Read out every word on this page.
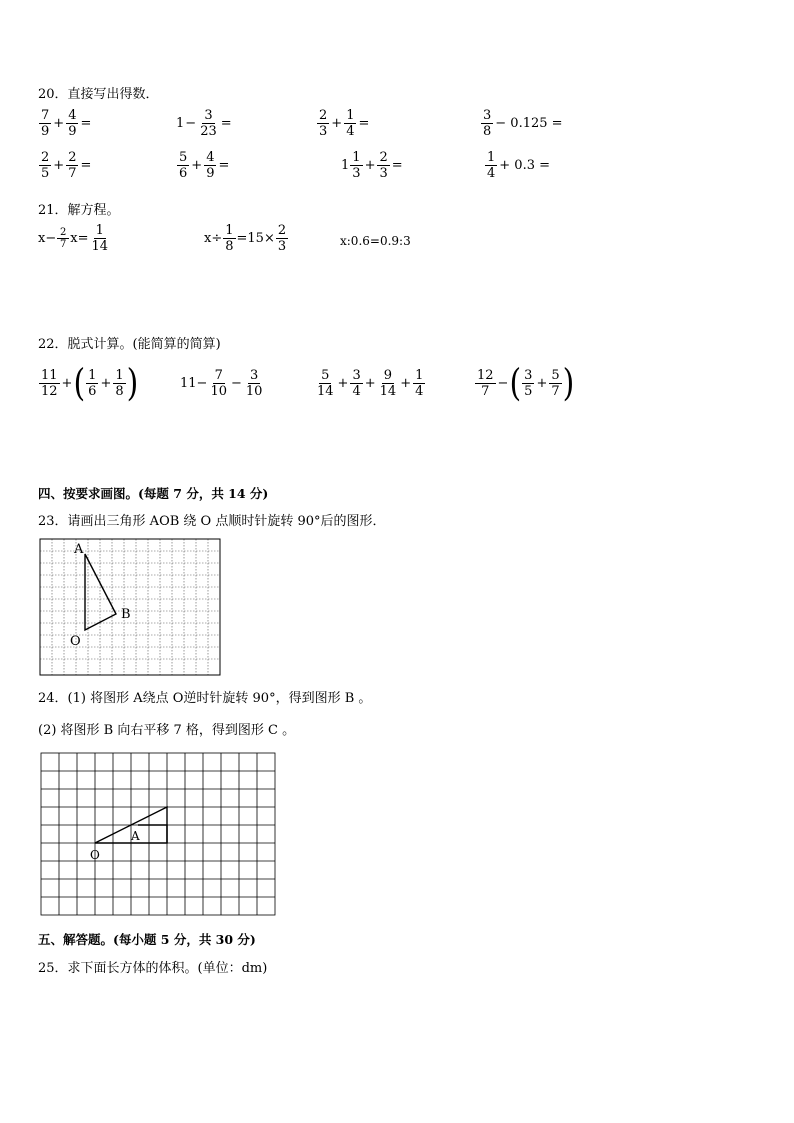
20．直接写出得数．
$\frac{7}{9} + \frac{4}{9}$ =	$1 - \frac{3}{23}$ =	$\frac{2}{3} + \frac{1}{4}$ =	$\frac{3}{8} - 0.125$ =
$\frac{2}{5} + \frac{2}{7}$ =	$\frac{5}{6} + \frac{4}{9}$ =	$1 \frac{1}{3} + \frac{2}{3}$ =	$\frac{1}{4} + 0.3$ =
21．解方程。
$x- \frac{2}{7} x= \frac{1}{14}$	$x\div \frac{1}{8} =15\times \frac{2}{3}$	x:0.6=0.9:3
22．脱式计算。(能简算的简算)
$\frac{11}{12}$ + ( $\frac{1}{6} + \frac{1}{8}$ )	$11- \frac{7}{10} - \frac{3}{10}$	$\frac{5}{14} + \frac{3}{4} + \frac{9}{14} + \frac{1}{4}$	$\frac{12}{7}$ − ( $\frac{3}{5} + \frac{5}{7}$ )
四、按要求画图。(每题 7 分，共 14 分)
23．请画出三角形 AOB 绕 O 点顺时针旋转 90°后的图形．
A
B
O
24．(1) 将图形 A绕点 O逆时针旋转 90°，得到图形 B 。
(2) 将图形 B 向右平移 7 格，得到图形 C 。
A
O
五、解答题。(每小题 5 分，共 30 分)
25．求下面长方体的体积。(单位：dm)
